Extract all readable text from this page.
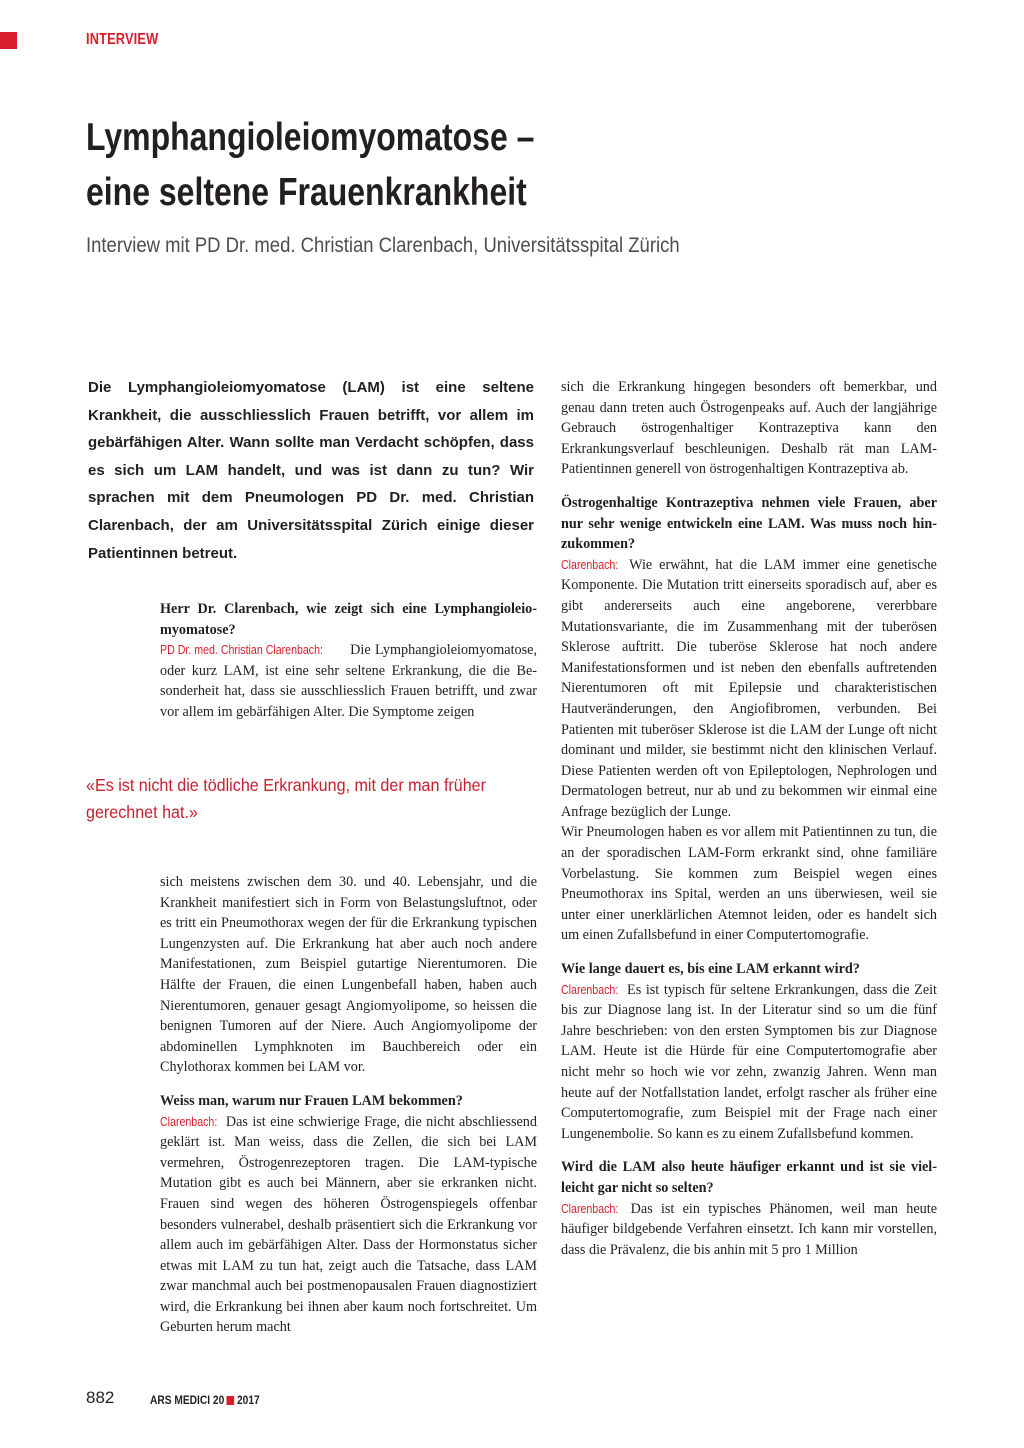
INTERVIEW
Lymphangioleiomyomatose –
eine seltene Frauenkrankheit
Interview mit PD Dr. med. Christian Clarenbach, Universitätsspital Zürich

Die Lymphangioleiomyomatose (LAM) ist eine seltene Krankheit, die ausschliesslich Frauen betrifft, vor allem im gebärfähigen Alter. Wann sollte man Verdacht schöpfen, dass es sich um LAM handelt, und was ist dann zu tun? Wir sprachen mit dem Pneumologen PD Dr. med. Christian Clarenbach, der am Universitätsspital Zürich einige dieser Patientinnen betreut.

Herr Dr. Clarenbach, wie zeigt sich eine Lymphangioleiomyomatose?

PD Dr. med. Christian Clarenbach: Die Lymphangioleiomyomatose, oder kurz LAM, ist eine sehr seltene Erkrankung, die die Besonderheit hat, dass sie ausschliesslich Frauen betrifft, und zwar vor allem im gebärfähigen Alter. Die Symptome zeigen

«Es ist nicht die tödliche Erkrankung, mit der man früher gerechnet hat.»

sich meistens zwischen dem 30. und 40. Lebensjahr, und die Krankheit manifestiert sich in Form von Belastungsluftnot, oder es tritt ein Pneumothorax wegen der für die Erkrankung typischen Lungenzysten auf. Die Erkrankung hat aber auch noch andere Manifestationen, zum Beispiel gutartige Nierentumoren. Die Hälfte der Frauen, die einen Lungenbefall haben, haben auch Nierentumoren, genauer gesagt Angiomyolipome, so heissen die benignen Tumoren auf der Niere. Auch Angiomyolipome der abdominellen Lymphknoten im Bauchbereich oder ein Chylothorax kommen bei LAM vor.

Weiss man, warum nur Frauen LAM bekommen?

Clarenbach: Das ist eine schwierige Frage, die nicht abschliessend geklärt ist. Man weiss, dass die Zellen, die sich bei LAM vermehren, Östrogenrezeptoren tragen. Die LAM-typische Mutation gibt es auch bei Männern, aber sie erkranken nicht. Frauen sind wegen des höheren Östrogenspiegels offenbar besonders vulnerabel, deshalb präsentiert sich die Erkrankung vor allem auch im gebärfähigen Alter. Dass der Hormonstatus sicher etwas mit LAM zu tun hat, zeigt auch die Tatsache, dass LAM zwar manchmal auch bei postmenopausalen Frauen diagnostiziert wird, die Erkrankung bei ihnen aber kaum noch fortschreitet. Um Geburten herum macht

sich die Erkrankung hingegen besonders oft bemerkbar, und genau dann treten auch Östrogenpeaks auf. Auch der langjährige Gebrauch östrogenhaltiger Kontrazeptiva kann den Erkrankungsverlauf beschleunigen. Deshalb rät man LAM-Patientinnen generell von östrogenhaltigen Kontrazeptiva ab.

Östrogenhaltige Kontrazeptiva nehmen viele Frauen, aber nur sehr wenige entwickeln eine LAM. Was muss noch hinzukommen?

Clarenbach: Wie erwähnt, hat die LAM immer eine genetische Komponente. Die Mutation tritt einerseits sporadisch auf, aber es gibt andererseits auch eine angeborene, vererbbare Mutationsvariante, die im Zusammenhang mit der tuberösen Sklerose auftritt. Die tuberöse Sklerose hat noch andere Manifestationsformen und ist neben den ebenfalls auftretenden Nierentumoren oft mit Epilepsie und charakteristischen Hautveränderungen, den Angiofibromen, verbunden. Bei Patienten mit tuberöser Sklerose ist die LAM der Lunge oft nicht dominant und milder, sie bestimmt nicht den klinischen Verlauf. Diese Patienten werden oft von Epileptologen, Nephrologen und Dermatologen betreut, nur ab und zu bekommen wir einmal eine Anfrage bezüglich der Lunge.

Wir Pneumologen haben es vor allem mit Patientinnen zu tun, die an der sporadischen LAM-Form erkrankt sind, ohne familiäre Vorbelastung. Sie kommen zum Beispiel wegen eines Pneumothorax ins Spital, werden an uns überwiesen, weil sie unter einer unerklärlichen Atemnot leiden, oder es handelt sich um einen Zufallsbefund in einer Computertomografie.

Wie lange dauert es, bis eine LAM erkannt wird?

Clarenbach: Es ist typisch für seltene Erkrankungen, dass die Zeit bis zur Diagnose lang ist. In der Literatur sind so um die fünf Jahre beschrieben: von den ersten Symptomen bis zur Diagnose LAM. Heute ist die Hürde für eine Computertomografie aber nicht mehr so hoch wie vor zehn, zwanzig Jahren. Wenn man heute auf der Notfallstation landet, erfolgt rascher als früher eine Computertomografie, zum Beispiel mit der Frage nach einer Lungenembolie. So kann es zu einem Zufallsbefund kommen.

Wird die LAM also heute häufiger erkannt und ist sie vielleicht gar nicht so selten?

Clarenbach: Das ist ein typisches Phänomen, weil man heute häufiger bildgebende Verfahren einsetzt. Ich kann mir vorstellen, dass die Prävalenz, die bis anhin mit 5 pro 1 Million

882	ARS MEDICI 20 2017
